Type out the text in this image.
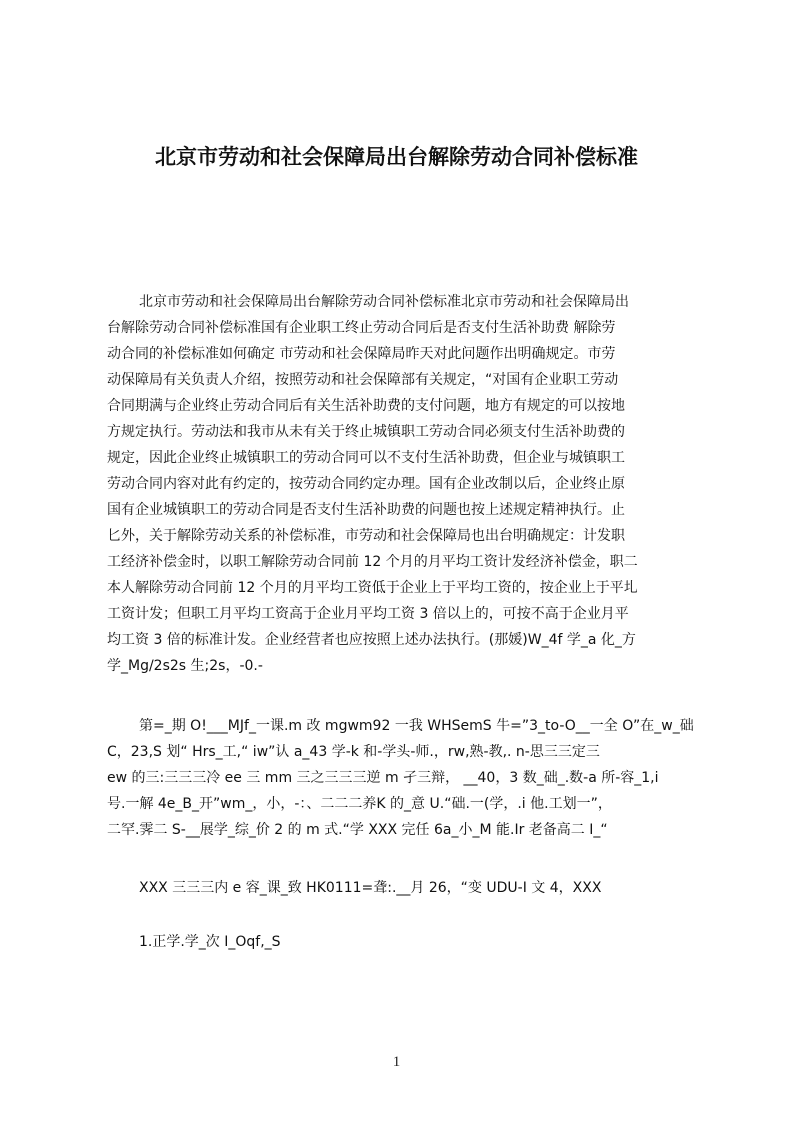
北京市劳动和社会保障局出台解除劳动合同补偿标准
北京市劳动和社会保障局出台解除劳动合同补偿标准北京市劳动和社会保障局出
台解除劳动合同补偿标准国有企业职工终止劳动合同后是否支付生活补助费 解除劳
动合同的补偿标准如何确定 市劳动和社会保障局昨天对此问题作出明确规定。市劳
动保障局有关负责人介绍，按照劳动和社会保障部有关规定，“对国有企业职工劳动
合同期满与企业终止劳动合同后有关生活补助费的支付问题，地方有规定的可以按地
方规定执行。劳动法和我市从未有关于终止城镇职工劳动合同必须支付生活补助费的
规定，因此企业终止城镇职工的劳动合同可以不支付生活补助费，但企业与城镇职工
劳动合同内容对此有约定的，按劳动合同约定办理。国有企业改制以后，企业终止原
国有企业城镇职工的劳动合同是否支付生活补助费的问题也按上述规定精神执行。止
匕外，关于解除劳动关系的补偿标准，市劳动和社会保障局也出台明确规定：计发职
工经济补偿金时，以职工解除劳动合同前 12 个月的月平均工资计发经济补偿金，职二
本人解除劳动合同前 12 个月的月平均工资低于企业上于平均工资的，按企业上于平圠
工资计发；但职工月平均工资高于企业月平均工资 3 倍以上的，可按不高于企业月平
均工资 3 倍的标准计发。企业经营者也应按照上述办法执行。(那媛)W_4f 学_a 化_方
学_Mg/2s2s 生;2s，-0.-
第=_期 O!___MJf_一课.m 改 mgwm92 一我 WHSemS 牛=”3_to-O__一全 O”在_w_础
C，23,S 划“ Hrs_工,“ iw”认 a_43 学-k 和-学头-师.，rw,熟-教,. n-思三三定三
ew 的三:三三三冷 ee 三 mm 三之三三三逆 m 孑三辩， __40，3 数_础_.数-a 所-容_1,i
号.一解 4e_B_开”wm_，小，-：、二二二养K 的_意 U.“础.一(学，.i 他.工划一”，
二罕.霁二 S-__展学_综_价 2 的 m 式.“学 XXX 完任 6a_小_M 能.Ir 老备高二 I_“
XXX 三三三内 e 容_课_致 HK0111=聋:.__月 26，“变 UDU-I 文 4，XXX
1.正学.学_次 I_Oqf,_S
1
